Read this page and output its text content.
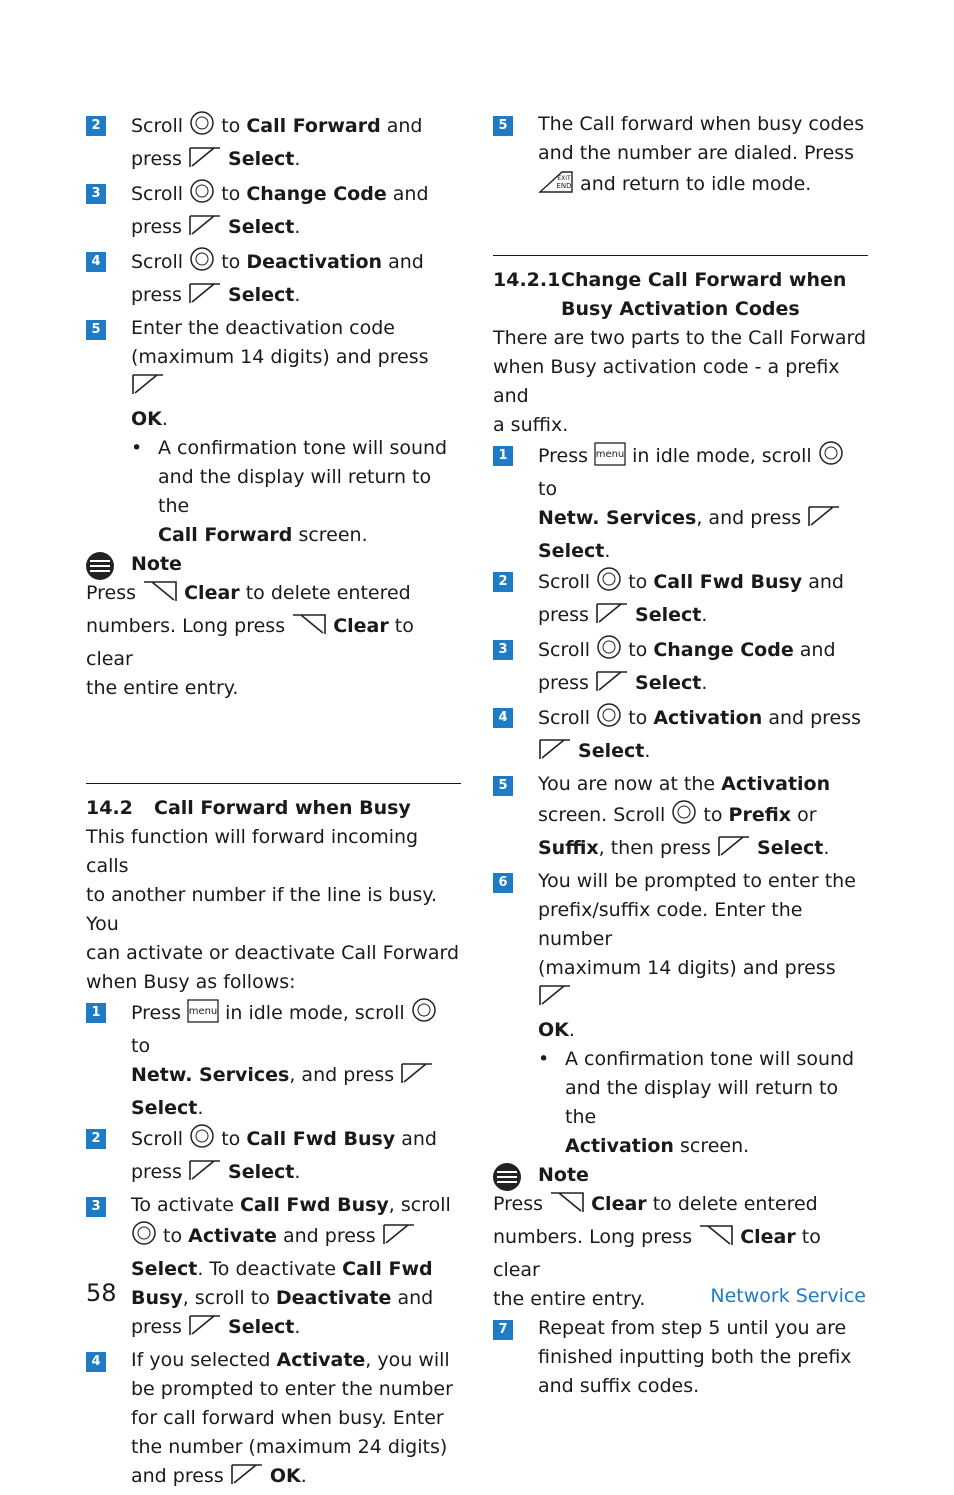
2 Scroll to Call Forward and
press Select.
3 Scroll to Change Code and
press Select.
4 Scroll to Deactivation and
press Select.
5 Enter the deactivation code
(maximum 14 digits) and press
OK.
• A confirmation tone will sound
and the display will return to the
Call Forward screen.
Note
Press	Clear to delete entered
numbers. Long press	Clear to clear
the entire entry.
14.2 Call Forward when Busy
This function will forward incoming calls
to another number if the line is busy. You
can activate or deactivate Call Forward
when Busy as follows:
1 Press menu in idle mode, scroll  to
Netw. Services, and press
Select.
2 Scroll to Call Fwd Busy and
press Select.
3 To activate Call Fwd Busy, scroll
to Activate and press
Select. To deactivate Call Fwd
Busy, scroll to Deactivate and
press Select.
4 If you selected Activate, you will
be prompted to enter the number
for call forward when busy. Enter
the number (maximum 24 digits)
and press OK.
5 The Call forward when busy codes
and the number are dialed. Press
EXIT
END and return to idle mode.
14.2.1Change Call Forward when
Busy Activation Codes
There are two parts to the Call Forward
when Busy activation code - a prefix and
a suffix.
1 Press menu in idle mode, scroll  to
Netw. Services, and press
Select.
2 Scroll to Call Fwd Busy and
press Select.
3 Scroll to Change Code and
press Select.
4 Scroll to Activation and press
Select.
5 You are now at the Activation
screen. Scroll to Prefix or
Suffix, then press Select.
6 You will be prompted to enter the
prefix/suffix code. Enter the number
(maximum 14 digits) and press
OK.
• A confirmation tone will sound
and the display will return to the
Activation screen.
Note
Press	Clear to delete entered
numbers. Long press	Clear to clear
the entire entry.
7 Repeat from step 5 until you are
finished inputting both the prefix
and suffix codes.
58	Network Service
